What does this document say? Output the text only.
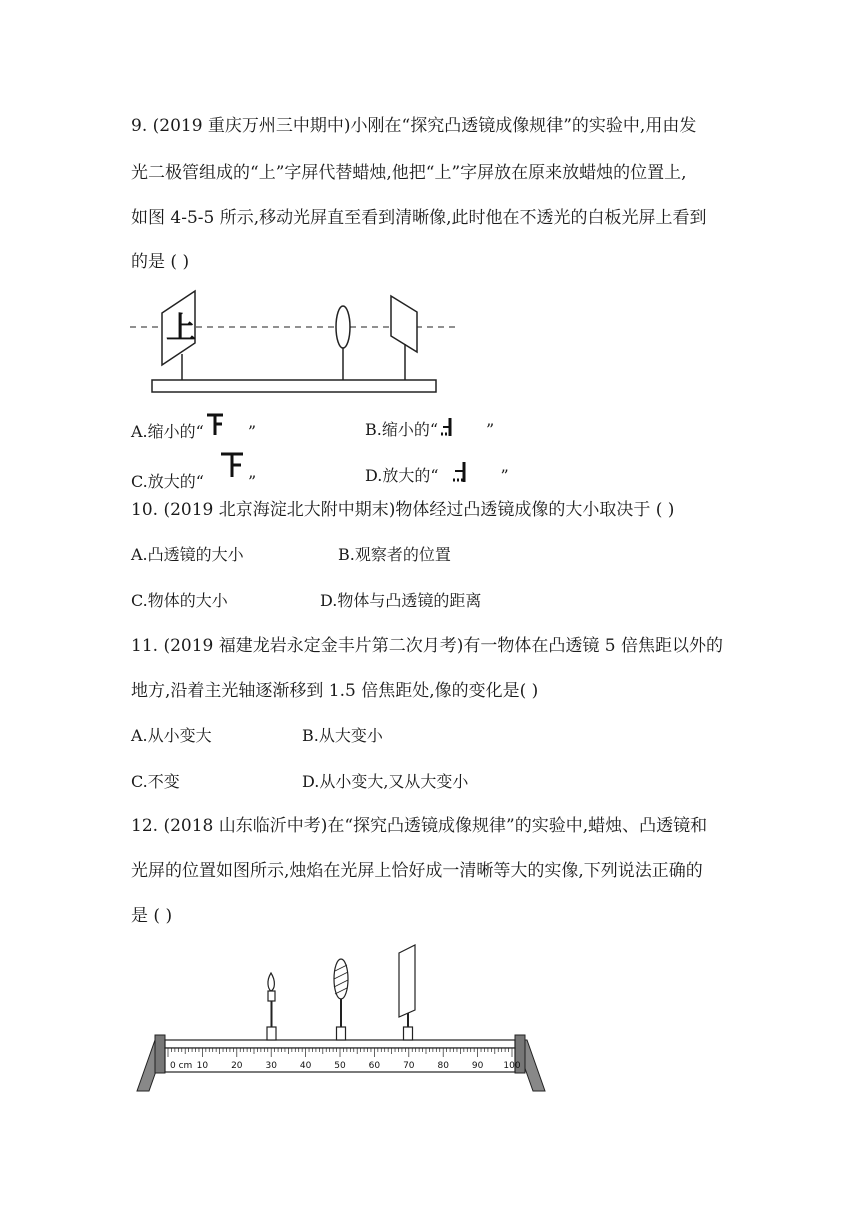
9. (2019 重庆万州三中期中)小刚在“探究凸透镜成像规律”的实验中,用由发
光二极管组成的“上”字屏代替蜡烛,他把“上”字屏放在原来放蜡烛的位置上,
如图 4-5-5 所示,移动光屏直至看到清晰像,此时他在不透光的白板光屏上看到
的是 ( )
上
A.缩小的“	”	B.缩小的“	”
C.放大的“	”	D.放大的“	”
10. (2019 北京海淀北大附中期末)物体经过凸透镜成像的大小取决于 ( )
A.凸透镜的大小	B.观察者的位置
C.物体的大小	D.物体与凸透镜的距离
11. (2019 福建龙岩永定金丰片第二次月考)有一物体在凸透镜 5 倍焦距以外的
地方,沿着主光轴逐渐移到 1.5 倍焦距处,像的变化是( )
A.从小变大	B.从大变小
C.不变	D.从小变大,又从大变小
12. (2018 山东临沂中考)在“探究凸透镜成像规律”的实验中,蜡烛、凸透镜和
光屏的位置如图所示,烛焰在光屏上恰好成一清晰等大的实像,下列说法正确的
是 ( )
0 cm 10	20	30	40	50	60	70	80	90 100
